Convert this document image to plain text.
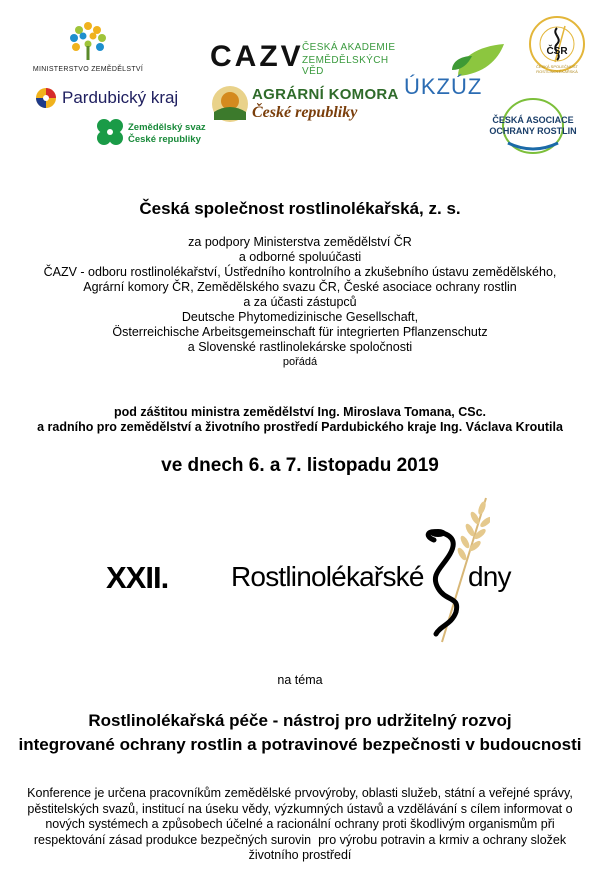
MINISTERSTVO ZEMĚDĚLSTVÍ	CAZV
ČESKÁ AKADEMIE
ZEMĚDĚLSKÝCH VĚD
ČSR
ČESKÁ SPOLEČNOST ROSTLINOLÉKAŘSKÁ
Pardubický kraj	AGRÁRNÍ KOMORA
České republiky
ÚKZÚZ
Zemědělský svaz
České republiky
ČESKÁ ASOCIACE
OCHRANY ROSTLIN
Česká společnost rostlinolékařská, z. s.
za podpory Ministerstva zemědělství ČR
a odborné spoluúčasti
ČAZV - odboru rostlinolékařství, Ústředního kontrolního a zkušebního ústavu zemědělského,
Agrární komory ČR, Zemědělského svazu ČR, České asociace ochrany rostlin
a za účasti zástupců
Deutsche Phytomedizinische Gesellschaft,
Österreichische Arbeitsgemeinschaft für integrierten Pflanzenschutz
a Slovenské rastlinolekárske spoločnosti
pořádá
pod záštitou ministra zemědělství Ing. Miroslava Tomana, CSc.
a radního pro zemědělství a životního prostředí Pardubického kraje Ing. Václava Kroutila
ve dnech 6. a 7. listopadu 2019
XXII. Rostlinolékařské dny
na téma
Rostlinolékařská péče - nástroj pro udržitelný rozvoj
integrované ochrany rostlin a potravinové bezpečnosti v budoucnosti
Konference je určena pracovníkům zemědělské prvovýroby, oblasti služeb, státní a veřejné správy,
pěstitelských svazů, institucí na úseku vědy, výzkumných ústavů a vzdělávání s cílem informovat o
nových systémech a způsobech účelné a racionální ochrany proti škodlivým organismům při
respektování zásad produkce bezpečných surovin  pro výrobu potravin a krmiv a ochrany složek
životního prostředí
